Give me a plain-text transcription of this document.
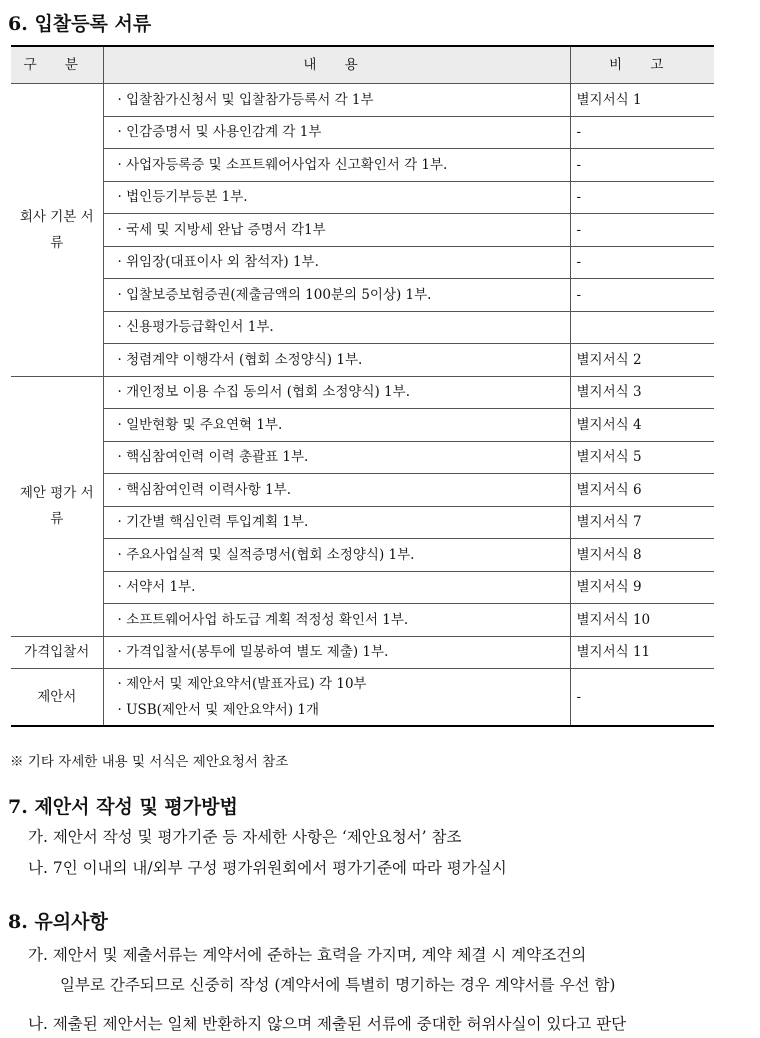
6. 입찰등록 서류
구 분	내 용	비 고
회사 기본 서류	· 입찰참가신청서 및 입찰참가등록서 각 1부	별지서식 1
	· 인감증명서 및 사용인감계 각 1부	-
	· 사업자등록증 및 소프트웨어사업자 신고확인서 각 1부.	-
	· 법인등기부등본 1부.	-
	· 국세 및 지방세 완납 증명서 각1부	-
	· 위임장(대표이사 외 참석자) 1부.	-
	· 입찰보증보험증권(제출금액의 100분의 5이상) 1부.	-
	· 신용평가등급확인서 1부.	
	· 청렴계약 이행각서 (협회 소정양식) 1부.	별지서식 2
제안 평가 서류	· 개인정보 이용 수집 동의서 (협회 소정양식) 1부.	별지서식 3
	· 일반현황 및 주요연혁 1부.	별지서식 4
	· 핵심참여인력 이력 총괄표 1부.	별지서식 5
	· 핵심참여인력 이력사항 1부.	별지서식 6
	· 기간별 핵심인력 투입계획 1부.	별지서식 7
	· 주요사업실적 및 실적증명서(협회 소정양식) 1부.	별지서식 8
	· 서약서 1부.	별지서식 9
	· 소프트웨어사업 하도급 계획 적정성 확인서 1부.	별지서식 10
가격입찰서	· 가격입찰서(봉투에 밀봉하여 별도 제출) 1부.	별지서식 11
제안서	· 제안서 및 제안요약서(발표자료) 각 10부
· USB(제안서 및 제안요약서) 1개	-
※ 기타 자세한 내용 및 서식은 제안요청서 참조
7. 제안서 작성 및 평가방법

가. 제안서 작성 및 평가기준 등 자세한 사항은 ‘제안요청서’ 참조

나. 7인 이내의 내/외부 구성 평가위원회에서 평가기준에 따라 평가실시

8. 유의사항

가. 제안서 및 제출서류는 계약서에 준하는 효력을 가지며, 계약 체결 시 계약조건의

일부로 간주되므로 신중히 작성 (계약서에 특별히 명기하는 경우 계약서를 우선 함)

나. 제출된 제안서는 일체 반환하지 않으며 제출된 서류에 중대한 허위사실이 있다고 판단
